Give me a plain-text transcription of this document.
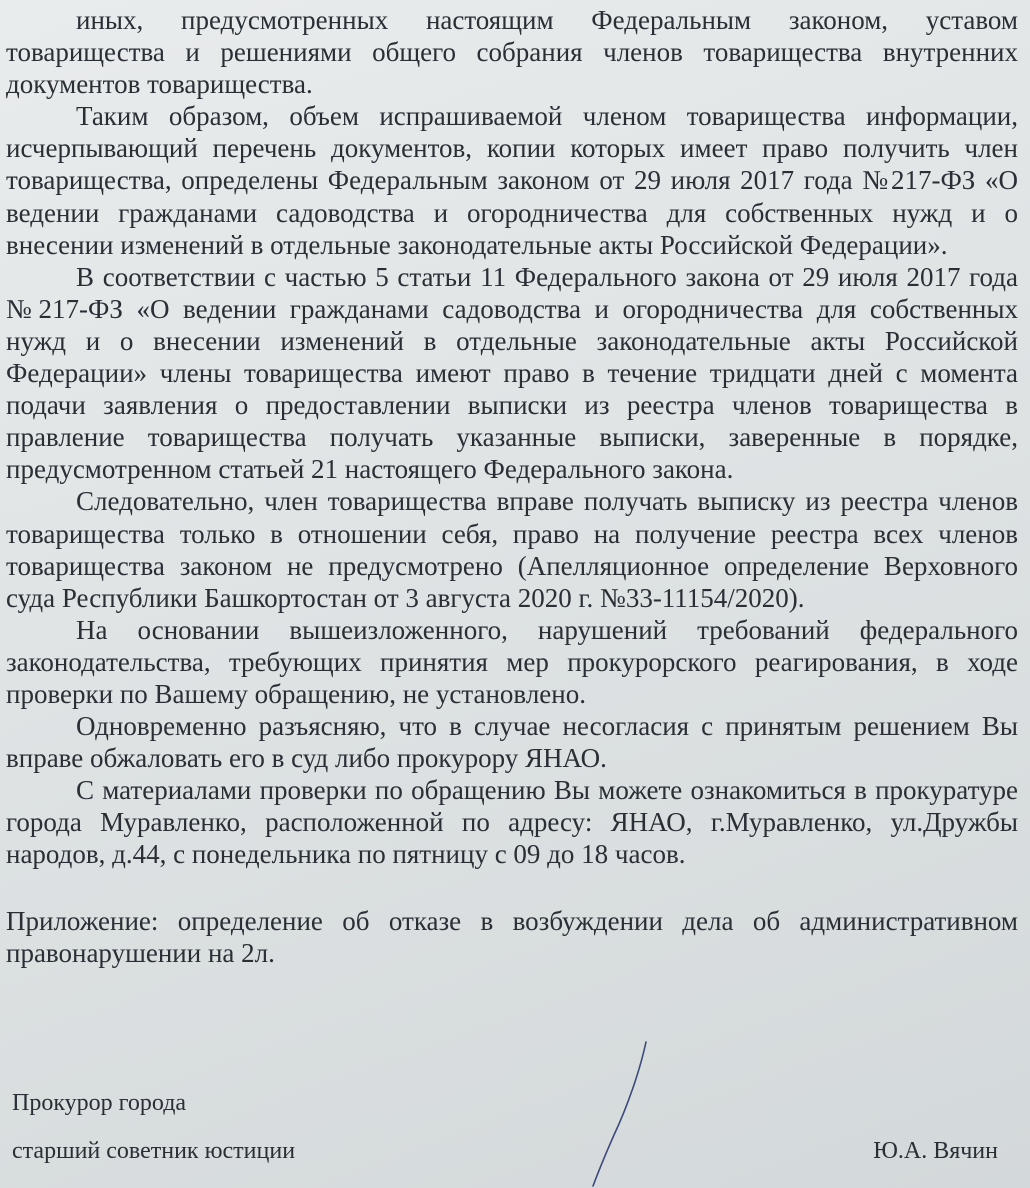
иных, предусмотренных настоящим Федеральным законом, уставом товарищества и решениями общего собрания членов товарищества внутренних документов товарищества.

Таким образом, объем испрашиваемой членом товарищества информации, исчерпывающий перечень документов, копии которых имеет право получить член товарищества, определены Федеральным законом от 29 июля 2017 года №217-ФЗ «О ведении гражданами садоводства и огородничества для собственных нужд и о внесении изменений в отдельные законодательные акты Российской Федерации».

В соответствии с частью 5 статьи 11 Федерального закона от 29 июля 2017 года №217-ФЗ «О ведении гражданами садоводства и огородничества для собственных нужд и о внесении изменений в отдельные законодательные акты Российской Федерации» члены товарищества имеют право в течение тридцати дней с момента подачи заявления о предоставлении выписки из реестра членов товарищества в правление товарищества получать указанные выписки, заверенные в порядке, предусмотренном статьей 21 настоящего Федерального закона.

Следовательно, член товарищества вправе получать выписку из реестра членов товарищества только в отношении себя, право на получение реестра всех членов товарищества законом не предусмотрено (Апелляционное определение Верховного суда Республики Башкортостан от 3 августа 2020 г. №33-11154/2020).

На основании вышеизложенного, нарушений требований федерального законодательства, требующих принятия мер прокурорского реагирования, в ходе проверки по Вашему обращению, не установлено.

Одновременно разъясняю, что в случае несогласия с принятым решением Вы вправе обжаловать его в суд либо прокурору ЯНАО.

С материалами проверки по обращению Вы можете ознакомиться в прокуратуре города Муравленко, расположенной по адресу: ЯНАО, г.Муравленко, ул.Дружбы народов, д.44, с понедельника по пятницу с 09 до 18 часов.

Приложение: определение об отказе в возбуждении дела об административном правонарушении на 2л.

Прокурор города
старший советник юстиции	Ю.А. Вячин
